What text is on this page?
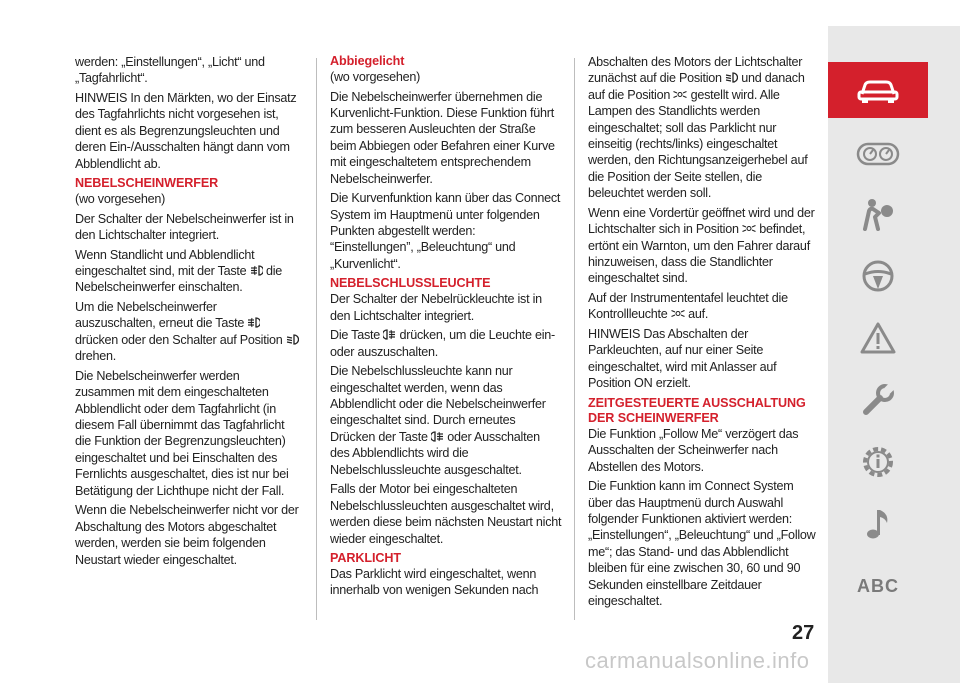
werden: „Einstellungen“, „Licht“ und „Tagfahrlicht“.

HINWEIS In den Märkten, wo der Einsatz des Tagfahrlichts nicht vorgesehen ist, dient es als Begrenzungsleuchten und deren Ein-/Ausschalten hängt dann vom Abblendlicht ab.

NEBELSCHEINWERFER

(wo vorgesehen)

Der Schalter der Nebelscheinwerfer ist in den Lichtschalter integriert.

Wenn Standlicht und Abblendlicht eingeschaltet sind, mit der Taste die Nebelscheinwerfer einschalten.

Um die Nebelscheinwerfer auszuschalten, erneut die Taste  drücken oder den Schalter auf Position  drehen.

Die Nebelscheinwerfer werden zusammen mit dem eingeschalteten Abblendlicht oder dem Tagfahrlicht (in diesem Fall übernimmt das Tagfahrlicht die Funktion der Begrenzungsleuchten) eingeschaltet und bei Einschalten des Fernlichts ausgeschaltet, dies ist nur bei Betätigung der Lichthupe nicht der Fall.

Wenn die Nebelscheinwerfer nicht vor der Abschaltung des Motors abgeschaltet werden, werden sie beim folgenden Neustart wieder eingeschaltet.

Abbiegelicht

(wo vorgesehen)

Die Nebelscheinwerfer übernehmen die Kurvenlicht-Funktion. Diese Funktion führt zum besseren Ausleuchten der Straße beim Abbiegen oder Befahren einer Kurve mit eingeschaltetem entsprechendem Nebelscheinwerfer.

Die Kurvenfunktion kann über das Connect System im Hauptmenü unter folgenden Punkten abgestellt werden: “Einstellungen”, „Beleuchtung“ und „Kurvenlicht“.

NEBELSCHLUSSLEUCHTE

Der Schalter der Nebelrückleuchte ist in den Lichtschalter integriert.

Die Taste drücken, um die Leuchte ein- oder auszuschalten.

Die Nebelschlussleuchte kann nur eingeschaltet werden, wenn das Abblendlicht oder die Nebelscheinwerfer eingeschaltet sind. Durch erneutes Drücken der Taste oder Ausschalten des Abblendlichts wird die Nebelschlussleuchte ausgeschaltet.

Falls der Motor bei eingeschalteten Nebelschlussleuchten ausgeschaltet wird, werden diese beim nächsten Neustart nicht wieder eingeschaltet.

PARKLICHT

Das Parklicht wird eingeschaltet, wenn innerhalb von wenigen Sekunden nach

Abschalten des Motors der Lichtschalter zunächst auf die Position und danach auf die Position gestellt wird. Alle Lampen des Standlichts werden eingeschaltet; soll das Parklicht nur einseitig (rechts/links) eingeschaltet werden, den Richtungsanzeigerhebel auf die Position der Seite stellen, die beleuchtet werden soll.

Wenn eine Vordertür geöffnet wird und der Lichtschalter sich in Position befindet, ertönt ein Warnton, um den Fahrer darauf hinzuweisen, dass die Standlichter eingeschaltet sind.

Auf der Instrumententafel leuchtet die Kontrollleuchte auf.

HINWEIS Das Abschalten der Parkleuchten, auf nur einer Seite eingeschaltet, wird mit Anlasser auf Position ON erzielt.

ZEITGESTEUERTE AUSSCHALTUNG DER SCHEINWERFER

Die Funktion „Follow Me“ verzögert das Ausschalten der Scheinwerfer nach Abstellen des Motors.

Die Funktion kann im Connect System über das Hauptmenü durch Auswahl folgender Funktionen aktiviert werden: „Einstellungen“, „Beleuchtung“ und „Follow me“; das Stand- und das Abblendlicht bleiben für eine zwischen 30, 60 und 90 Sekunden einstellbare Zeitdauer eingeschaltet.

ABC
27
carmanualsonline.info
